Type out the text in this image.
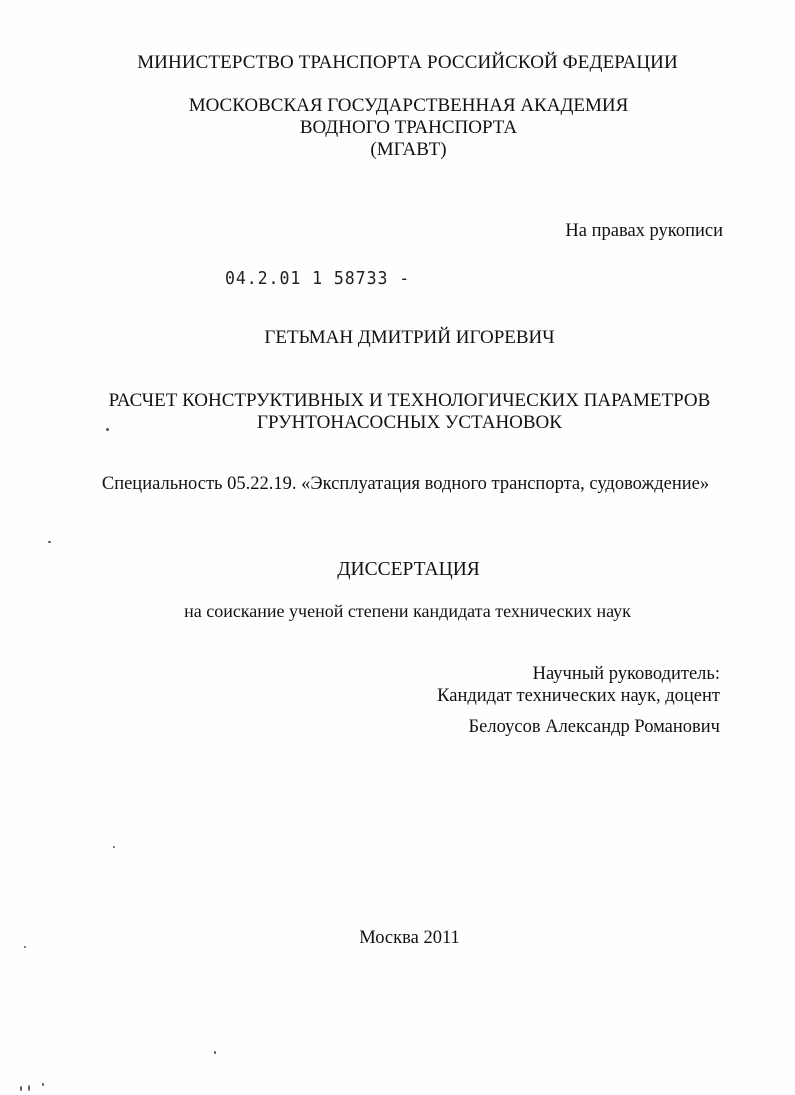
МИНИСТЕРСТВО ТРАНСПОРТА РОССИЙСКОЙ ФЕДЕРАЦИИ
МОСКОВСКАЯ ГОСУДАРСТВЕННАЯ АКАДЕМИЯ
ВОДНОГО ТРАНСПОРТА
(МГАВТ)
На правах рукописи
04.2.01 1 58733 -
ГЕТЬМАН ДМИТРИЙ ИГОРЕВИЧ
РАСЧЕТ КОНСТРУКТИВНЫХ И ТЕХНОЛОГИЧЕСКИХ ПАРАМЕТРОВ
ГРУНТОНАСОСНЫХ УСТАНОВОК
Специальность 05.22.19. «Эксплуатация водного транспорта, судовождение»
ДИССЕРТАЦИЯ
на соискание ученой степени кандидата технических наук
Научный руководитель:
Кандидат технических наук, доцент
Белоусов Александр Романович
Москва 2011
